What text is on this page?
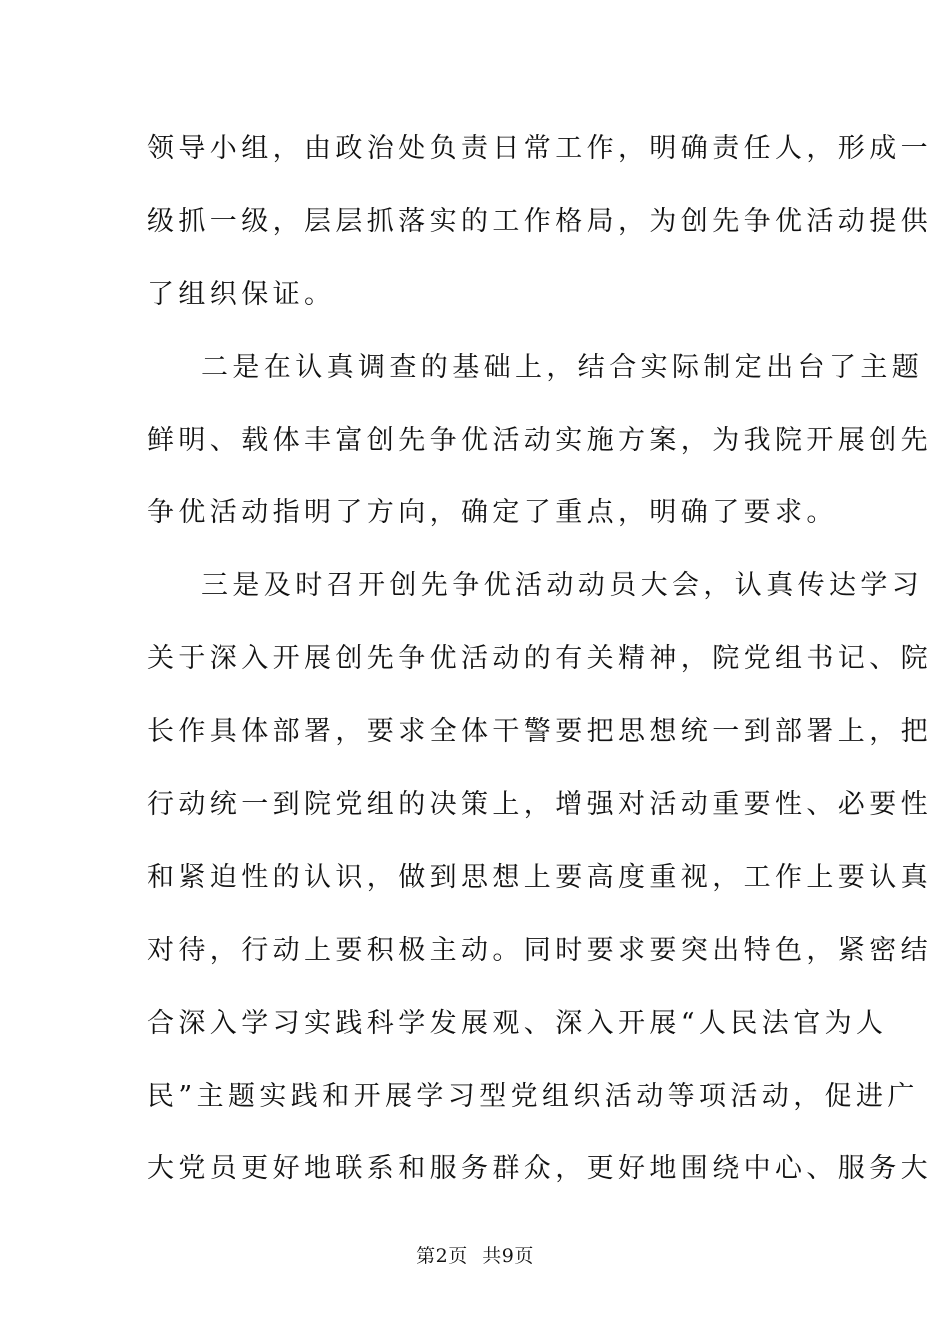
领导小组，由政治处负责日常工作，明确责任人，形成一
级抓一级，层层抓落实的工作格局，为创先争优活动提供
了组织保证。
二是在认真调查的基础上，结合实际制定出台了主题
鲜明、载体丰富创先争优活动实施方案，为我院开展创先
争优活动指明了方向，确定了重点，明确了要求。
三是及时召开创先争优活动动员大会，认真传达学习
关于深入开展创先争优活动的有关精神，院党组书记、院
长作具体部署，要求全体干警要把思想统一到部署上，把
行动统一到院党组的决策上，增强对活动重要性、必要性
和紧迫性的认识，做到思想上要高度重视，工作上要认真
对待，行动上要积极主动。同时要求要突出特色，紧密结
合深入学习实践科学发展观、深入开展“人民法官为人
民”主题实践和开展学习型党组织活动等项活动，促进广
大党员更好地联系和服务群众，更好地围绕中心、服务大
第2页 共9页
